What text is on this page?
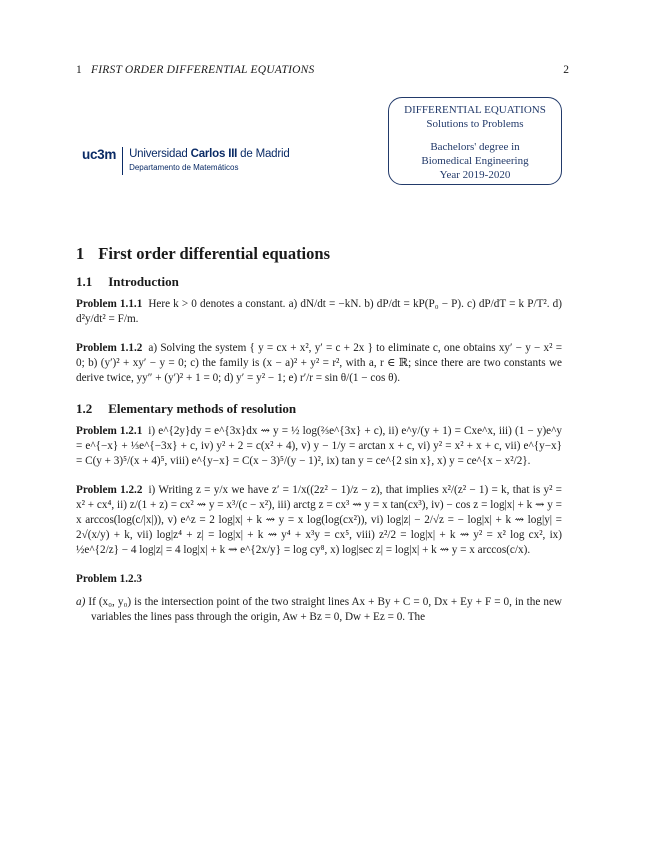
1 FIRST ORDER DIFFERENTIAL EQUATIONS	2
uc3m	Universidad Carlos III de Madrid
Departamento de Matemáticos
DIFFERENTIAL EQUATIONS
Solutions to Problems
Bachelors' degree in
Biomedical Engineering
Year 2019-2020
1 First order differential equations
1.1 Introduction
Problem 1.1.1 Here k > 0 denotes a constant. a) dN/dt = −kN. b) dP/dt = kP(P₀ − P). c) dP/dT = k P/T². d) d²y/dt² = F/m.
Problem 1.1.2 a) Solving the system { y = cx + x², y′ = c + 2x } to eliminate c, one obtains xy′ − y − x² = 0; b) (y′)² + xy′ − y = 0; c) the family is (x − a)² + y² = r², with a, r ∈ ℝ; since there are two constants we derive twice, yy″ + (y′)² + 1 = 0; d) y′ = y² − 1; e) r′/r = sin θ/(1 − cos θ).
1.2 Elementary methods of resolution
Problem 1.2.1 i) e^{2y}dy = e^{3x}dx ⇝ y = ½ log(⅔e^{3x} + c), ii) e^y/(y + 1) = Cxe^x, iii) (1 − y)e^y = e^{−x} + ⅓e^{−3x} + c, iv) y² + 2 = c(x² + 4), v) y − 1/y = arctan x + c, vi) y² = x² + x + c, vii) e^{y−x} = C(y + 3)⁵/(x + 4)⁵, viii) e^{y−x} = C(x − 3)⁵/(y − 1)², ix) tan y = ce^{2 sin x}, x) y = ce^{x − x²/2}.
Problem 1.2.2 i) Writing z = y/x we have z′ = 1/x((2z² − 1)/z − z), that implies x²/(z² − 1) = k, that is y² = x² + cx⁴, ii) z/(1 + z) = cx² ⇝ y = x³/(c − x²), iii) arctg z = cx³ ⇝ y = x tan(cx³), iv) − cos z = log|x| + k ⇝ y = x arccos(log(c/|x|)), v) e^z = 2 log|x| + k ⇝ y = x log(log(cx²)), vi) log|z| − 2/√z = − log|x| + k ⇝ log|y| = 2√(x/y) + k, vii) log|z⁴ + z| = log|x| + k ⇝ y⁴ + x³y = cx⁵, viii) z²/2 = log|x| + k ⇝ y² = x² log cx², ix) ½e^{2/z} − 4 log|z| = 4 log|x| + k ⇝ e^{2x/y} = log cy⁸, x) log|sec z| = log|x| + k ⇝ y = x arccos(c/x).
Problem 1.2.3
a) If (x₀, y₀) is the intersection point of the two straight lines Ax + By + C = 0, Dx + Ey + F = 0, in the new variables the lines pass through the origin, Aw + Bz = 0, Dw + Ez = 0. The
